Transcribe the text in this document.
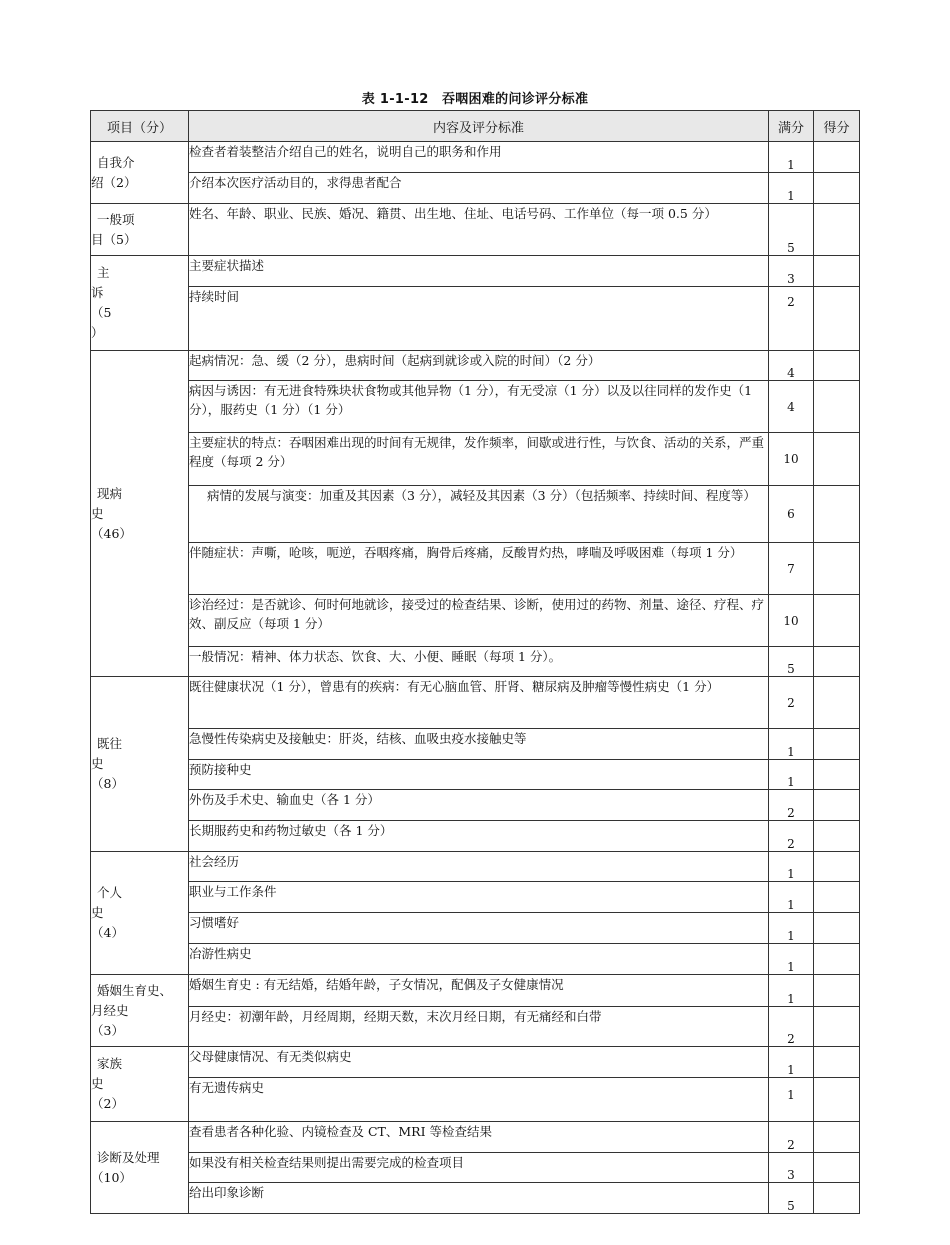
表 1-1-12　吞咽困难的问诊评分标准
项目（分）	内容及评分标准	满分	得分

自我介
绍（2）	检查者着装整洁介绍自己的姓名，说明自己的职务和作用	1	
	介绍本次医疗活动目的，求得患者配合	1	

一般项
目（5）	姓名、年龄、职业、民族、婚况、籍贯、出生地、住址、电话号码、工作单位（每一项 0.5 分）	5	

主
诉
（5
）	主要症状描述	3	
	持续时间	2	

现病
史
（46）	起病情况：急、缓（2 分），患病时间（起病到就诊或入院的时间）（2 分）	4	
	病因与诱因：有无进食特殊块状食物或其他异物（1 分），有无受凉（1 分）以及以往同样的发作史（1 分），服药史（1 分）（1 分）	4	
	主要症状的特点：吞咽困难出现的时间有无规律，发作频率，间歇或进行性，与饮食、活动的关系，严重程度（每项 2 分）	10	
	病情的发展与演变：加重及其因素（3 分），减轻及其因素（3 分）（包括频率、持续时间、程度等）	6	
	伴随症状：声嘶，呛咳，呃逆，吞咽疼痛，胸骨后疼痛，反酸胃灼热，哮喘及呼吸困难（每项 1 分）	7	
	诊治经过：是否就诊、何时何地就诊，接受过的检查结果、诊断，使用过的药物、剂量、途径、疗程、疗效、副反应（每项 1 分）	10	
	一般情况：精神、体力状态、饮食、大、小便、睡眠（每项 1 分）。	5	

既往
史
（8）	既往健康状况（1 分），曾患有的疾病：有无心脑血管、肝肾、糖尿病及肿瘤等慢性病史（1 分）	2	
	急慢性传染病史及接触史：肝炎，结核、血吸虫疫水接触史等	1	
	预防接种史	1	
	外伤及手术史、输血史（各 1 分）	2	
	长期服药史和药物过敏史（各 1 分）	2	

个人
史
（4）	社会经历	1	
	职业与工作条件	1	
	习惯嗜好	1	
	冶游性病史	1	

婚姻生育史、
月经史
（3）	婚姻生育史 : 有无结婚，结婚年龄，子女情况，配偶及子女健康情况	1	
	月经史：初潮年龄，月经周期，经期天数，末次月经日期，有无痛经和白带	2	

家族
史
（2）	父母健康情况、有无类似病史	1	
	有无遗传病史	1	

诊断及处理
（10）	查看患者各种化验、内镜检查及 CT、MRI 等检查结果	2	
	如果没有相关检查结果则提出需要完成的检查项目	3	
	给出印象诊断	5	
